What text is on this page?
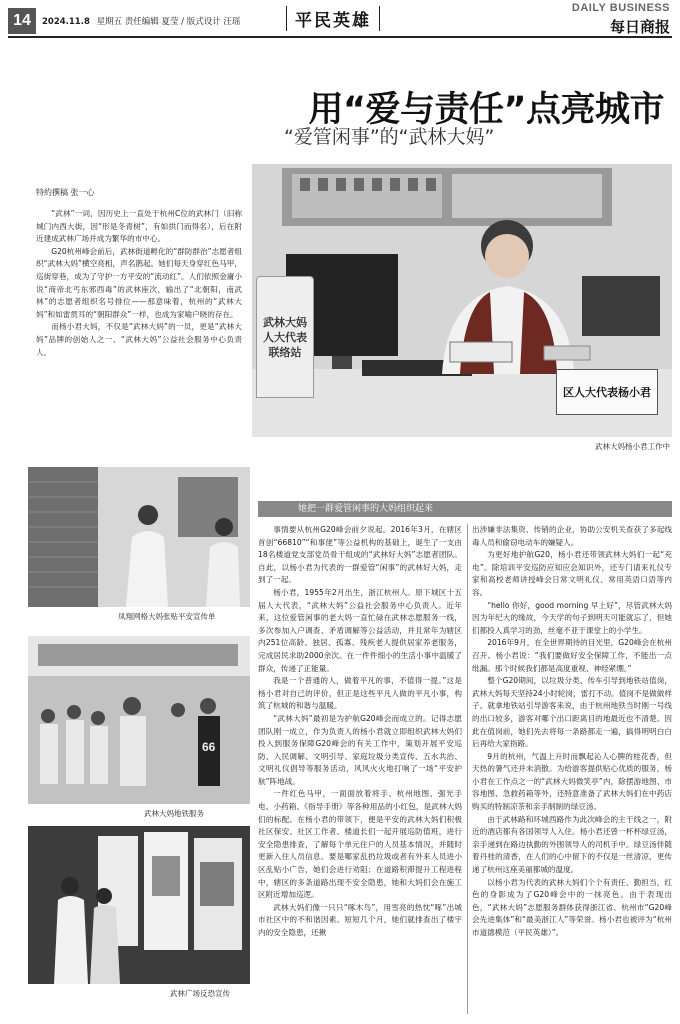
14	2024.11.8 星期五 责任编辑 夏莹 / 版式设计 汪瑶	平民英雄
DAILY BUSINESS
每日商报
用“爱与责任”点亮城市
“爱管闲事”的“武林大妈”
特約撰稿 张一心

“武林”一词，因历史上一直处于杭州C位的武林门（旧称城门内西大街，因“形是冬青树”，有如拱门而得名），后在附近建成武林广场并成为繁华的市中心。

G20杭州峰会前后，武林街道孵化的“群防群治”志愿者组织“武林大妈”横空亮相，声名鹊起。她们每天身穿红色马甲，巡街穿巷，成为了守护一方平安的“流动红”。人们依照金庸小说“商帝北丐东邪西毒”的武林座次，输出了“北朝阳，南武林”的志愿者组织名号排位——那意味着，杭州的“武林大妈”和如雷贯耳的“朝阳群众”一样，也成为家喻户晓的存在。

而杨小君大妈，不仅是“武林大妈”的一员，更是“武林大妈”品牌的创始人之一、“武林大妈”公益社会服务中心负责人。

武林大妈
人大代表
联络站
区人大代表杨小君
武林大妈杨小君工作中
凤翔网格大妈张贴平安宣传单
66
武林大妈地铁服务
武林广场反恐宣传
她把一群爱管闲事的大妈组织起来

事情要从杭州G20峰会前夕说起。2016年3月，在辖区首创“66810”“和事佬”等公益机构的基础上，诞生了一支由18名楼道党支部党员骨干组成的“武林好大妈”志愿者团队。自此，以杨小君为代表的一群爱管“闲事”的武林好大妈，走到了一起。

杨小君，1955年2月出生，浙江杭州人。原下城区十五届人大代表，“武林大妈”公益社会服务中心负责人。近年来，这位爱管闲事的老大妈一直忙碌在武林志愿服务一线，多次参加入户调查、矛盾调解等公益活动，并且常年为辖区内251位高龄、独居、孤寡、残疾老人提供居家养老服务，完成居民求助2000余次。在一件件细小的生活小事中温暖了群众，传递了正能量。

我是一个普通的人，做着平凡的事，不值得一提。”这是杨小君对自己的评价，但正是这些平凡人做的平凡小事，构筑了杭城的和谐与温暖。

“武林大妈”最初是为护航G20峰会而成立的。记得志愿团队刚一成立，作为负责人的杨小君就立即组织武林大妈们投入到服务保障G20峰会的有关工作中，策划开展平安巡防、入民调解、文明引导、家庭垃圾分类宣传、五水共治、文明礼仪倡导等服务活动，风风火火地打响了一场“平安护航”阵地战。

一件红色马甲，一面面放着将手、杭州地图、强光手电、小药箱、《指导手册》等各种用品的小红包，是武林大妈们的标配。在杨小君的带领下，便是平安的武林大妈们积极社区保安、社区工作者、楼道长们一起开展巡防值班，进行安全隐患排查，了解每个单元住户的人员基本情况，并随时更新入住人员信息。要是哪家乱扔垃圾或者有外来人员进小区乱贴小广告，她们会进行劝阻；在道路积滞提升工程进程中，辖区的多条道路出现不安全隐患，她和大妈们会在施工区附近增加巡逻。

武林大妈们像一只只“啄木鸟”，用雪亮的热忱“啄”出城市社区中的不和谐因素。短短几个月，她们就排查出了楼宇内的安全隐患，还揪

出涉嫌非法集资、传销的企业，协助公安机关查获了多起线毒人员和偷窃电动车的嫌疑人。

为更好地护航G20，杨小君还带领武林大妈们一起“充电”。除培训平安巡防应知应会知识外，还专门请来礼仪专家和高校老师讲授峰会日常文明礼仪、常用英语口语等内容。

“hello 你好，good morning 早上好”，尽管武林大妈因为年纪大的缘故，今天学的句子到明天可能就忘了，但她们都投入真学习的劲，丝毫不亚于课堂上的小学生。

2016年9月，在全世界期待的目光里，G20峰会在杭州召开。杨小君说：“我们要做好安全保障工作，不能出一点纰漏。那个时候我们都是高度重视、神经紧绷。”

整个G20期间，以垃圾分类、传车引导到地铁站值岗，武林大妈每天坚持24小时轮岗，雷打不动。值岗不是做做样子。就拿地铁站引导游客来说，由于杭州地铁当时刚一号线的出口较多，游客对哪个出口距离目的地最近也不清楚。因此在值岗前，她们先去将每一条路都走一遍，搞得明明白白后再给大家指路。

9月的杭州，气温上升时而飘起沁人心脾的桂花香，但天热的暑气还并未消散。为给游客提供贴心优质的服务，杨小君在工作点之一的“武林大妈微笑亭”内，除摆游地图、市容地图、急救药箱等外，还特意准备了武林大妈们在中药店购买的特制凉茶和亲手制制的绿豆汤。

由于武林路和环城西路作为此次峰会的主干线之一，附近的酒店都有各国领导人入住。杨小君还曾一杯杯绿豆汤，亲手递到在路边执勤的外围领导人的司机手中。绿豆汤伴随着丹桂的清香，在人们的心中留下的不仅是一丝清凉，更传递了杭州这座美丽都城的温度。

以杨小君为代表的武林大妈们个个有责任、勤担当，红色的身影成为了G20峰会中的一抹亮色。由于表现出色，“武林大妈”志愿服务群体获得浙江省、杭州市“G20峰会先进集体”和“最美浙江人”等荣誉。杨小君也被评为“杭州市道德模范（平民英雄）”。
